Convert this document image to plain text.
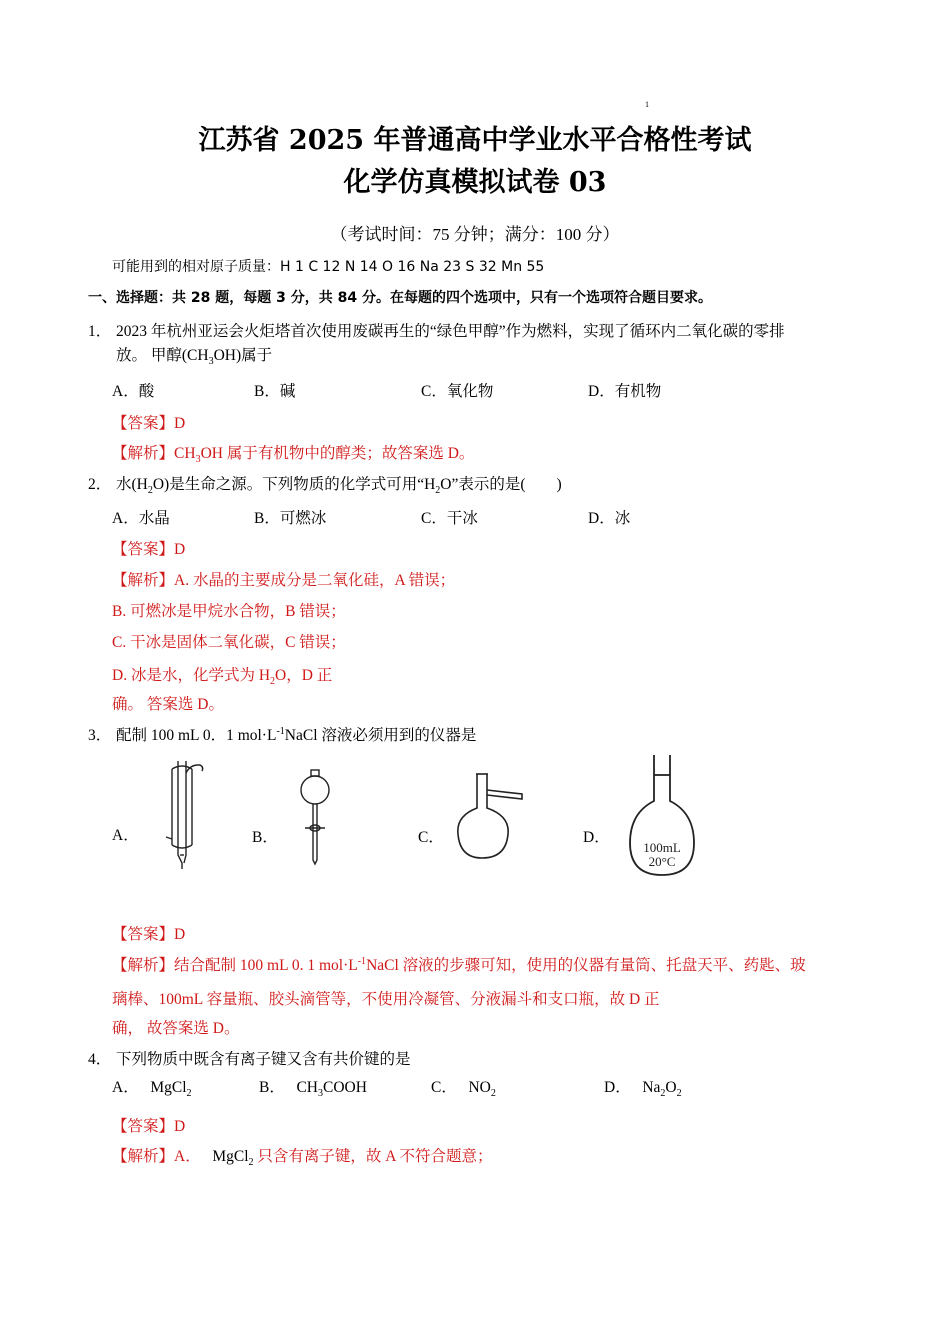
1
江苏省 2025 年普通高中学业水平合格性考试
化学仿真模拟试卷 03
（考试时间：75 分钟；满分：100 分）
可能用到的相对原子质量：H 1 C 12 N 14 O 16 Na 23 S 32 Mn 55
一、选择题：共 28 题，每题 3 分，共 84 分。在每题的四个选项中，只有一个选项符合题目要求。
1． 2023 年杭州亚运会火炬塔首次使用废碳再生的“绿色甲醇”作为燃料，实现了循环内二氧化碳的零排
放。 甲醇$(CH_3OH)$属于
A．酸	B．碱	C．氧化物	D．有机物
【答案】D
【解析】$CH_3OH$ 属于有机物中的醇类；故答案选 D。
2． 水$(H_2O)$是生命之源。下列物质的化学式可用“$H_2O$”表示的是(　　)
A．水晶	B．可燃冰	C．干冰	D．冰
【答案】D
【解析】A. 水晶的主要成分是二氧化硅，A 错误；
B. 可燃冰是甲烷水合物，B 错误；
C. 干冰是固体二氧化碳，C 错误；
D. 冰是水，化学式为 $H_2O$，D 正
确。 答案选 D。
3． 配制 100 mL 0．1 $mol\cdot L^{-1}NaCl$ 溶液必须用到的仪器是
A．	B．	C．	D．
100mL
20°C
【答案】D
【解析】结合配制 100 mL 0. 1 $mol\cdot L^{-1}NaCl$ 溶液的步骤可知，使用的仪器有量筒、托盘天平、药匙、玻
璃棒、100mL 容量瓶、胶头滴管等，不使用冷凝管、分液漏斗和支口瓶，故 D 正
确， 故答案选 D。
4． 下列物质中既含有离子键又含有共价键的是
A． MgCl$_2$	B． $CH_3COOH$	C． $NO_2$	D． $Na_2O_2$
【答案】D
【解析】A． MgCl$_2$ 只含有离子键，故 A 不符合题意；
